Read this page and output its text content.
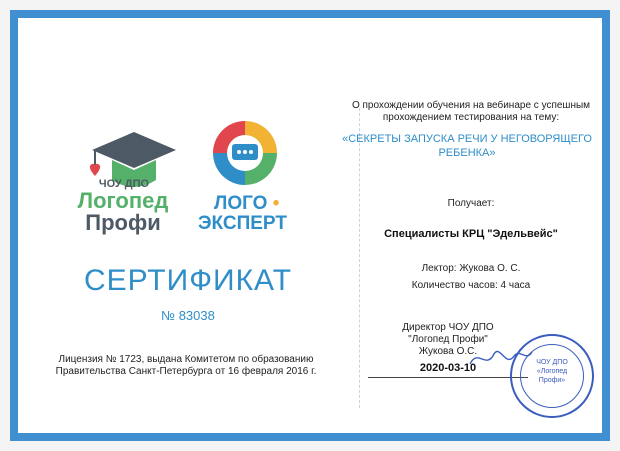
ЧОУ ДПО
Логопед
Профи
ЛОГО •
ЭКСПЕРТ
СЕРТИФИКАТ
№ 83038
Лицензия № 1723, выдана Комитетом по образованию
Правительства Санкт-Петербурга от 16 февраля 2016 г.
О прохождении обучения на вебинаре с успешным
прохождением тестирования на тему:
«СЕКРЕТЫ ЗАПУСКА РЕЧИ У НЕГОВОРЯЩЕГО
РЕБЕНКА»
Получает:
Специалисты КРЦ "Эдельвейс"
Лектор: Жукова О. С.
Количество часов: 4 часа
Директор ЧОУ ДПО
"Логопед Профи"
Жукова О.С.
2020-03-10	ЧОУ ДПО
«Логопед
Профи»
